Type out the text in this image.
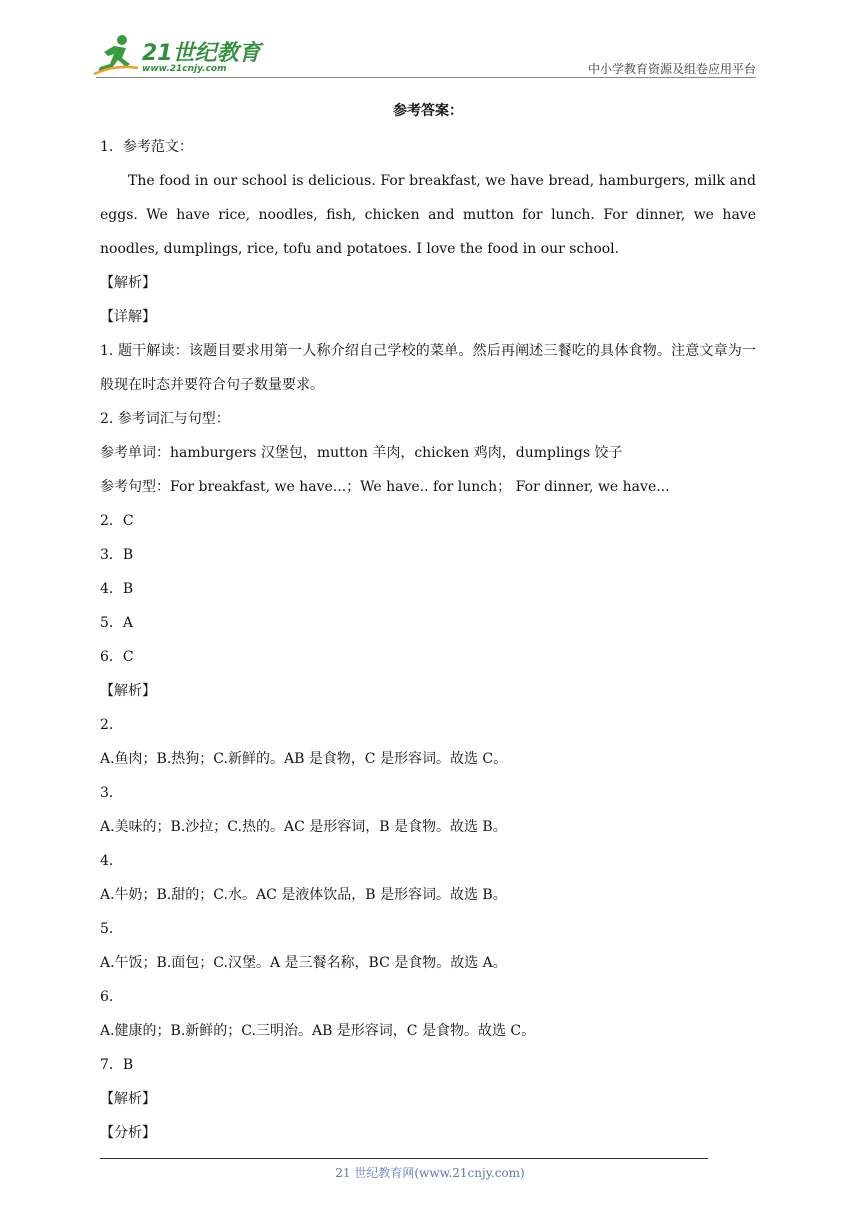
21世纪教育
www.21cnjy.com	中小学教育资源及组卷应用平台
参考答案：
1．参考范文：
The food in our school is delicious. For breakfast, we have bread, hamburgers, milk and eggs. We have rice, noodles, fish, chicken and mutton for lunch. For dinner, we have noodles, dumplings, rice, tofu and potatoes. I love the food in our school.
【解析】
【详解】
1. 题干解读：该题目要求用第一人称介绍自己学校的菜单。然后再阐述三餐吃的具体食物。注意文章为一般现在时态并要符合句子数量要求。
2. 参考词汇与句型：
参考单词：hamburgers 汉堡包，mutton 羊肉，chicken 鸡肉，dumplings 饺子
参考句型：For breakfast, we have...；We have.. for lunch； For dinner, we have...
2．C
3．B
4．B
5．A
6．C
【解析】
2．
A.鱼肉；B.热狗；C.新鲜的。AB 是食物，C 是形容词。故选 C。
3．
A.美味的；B.沙拉；C.热的。AC 是形容词，B 是食物。故选 B。
4．
A.牛奶；B.甜的；C.水。AC 是液体饮品，B 是形容词。故选 B。
5．
A.午饭；B.面包；C.汉堡。A 是三餐名称，BC 是食物。故选 A。
6．
A.健康的；B.新鲜的；C.三明治。AB 是形容词，C 是食物。故选 C。
7．B
【解析】
【分析】
21 世纪教育网(www.21cnjy.com)
